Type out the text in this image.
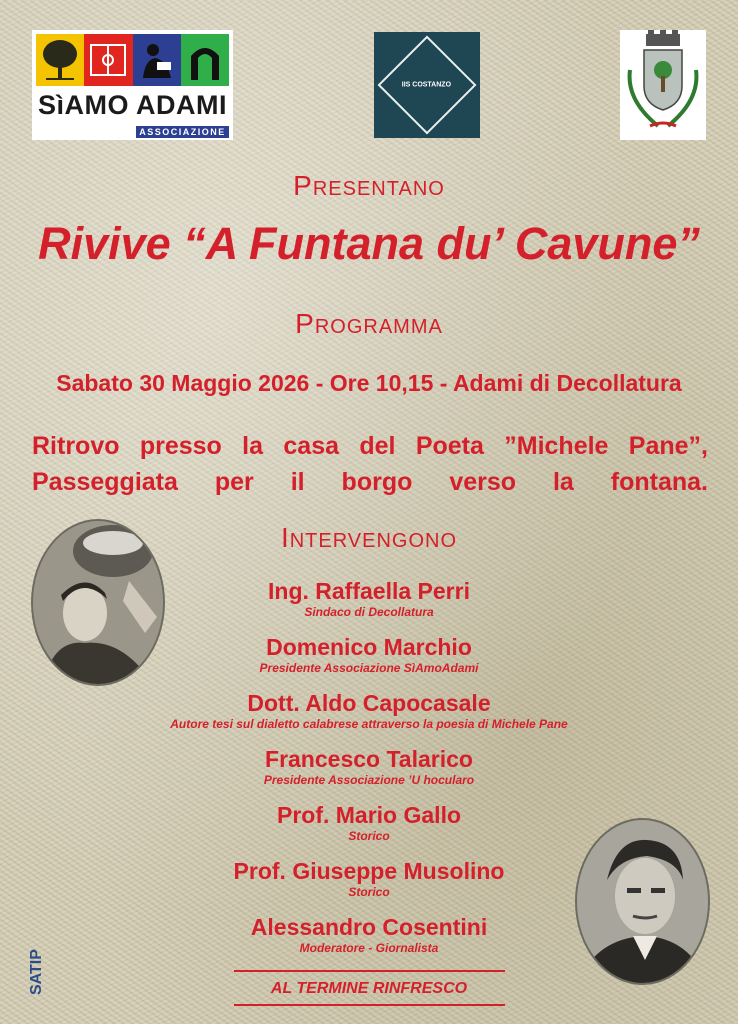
SìAMO ADAMI
ASSOCIAZIONE
IIS COSTANZO
Presentano
Rivive “A Funtana du’ Cavune”
Programma
Sabato 30 Maggio 2026 - Ore 10,15 - Adami di Decollatura
Ritrovo presso la casa del Poeta ”Michele Pane”,
Passeggiata per il borgo verso la fontana.
Intervengono
Ing. Raffaella Perri
Sindaco di Decollatura
Domenico Marchio
Presidente Associazione SìAmoAdami
Dott. Aldo Capocasale
Autore tesi sul dialetto calabrese attraverso la poesia di Michele Pane
Francesco Talarico
Presidente Associazione ’U hocularo
Prof. Mario Gallo
Storico
Prof. Giuseppe Musolino
Storico
Alessandro Cosentini
Moderatore - Giornalista
AL TERMINE RINFRESCO
SATIP
